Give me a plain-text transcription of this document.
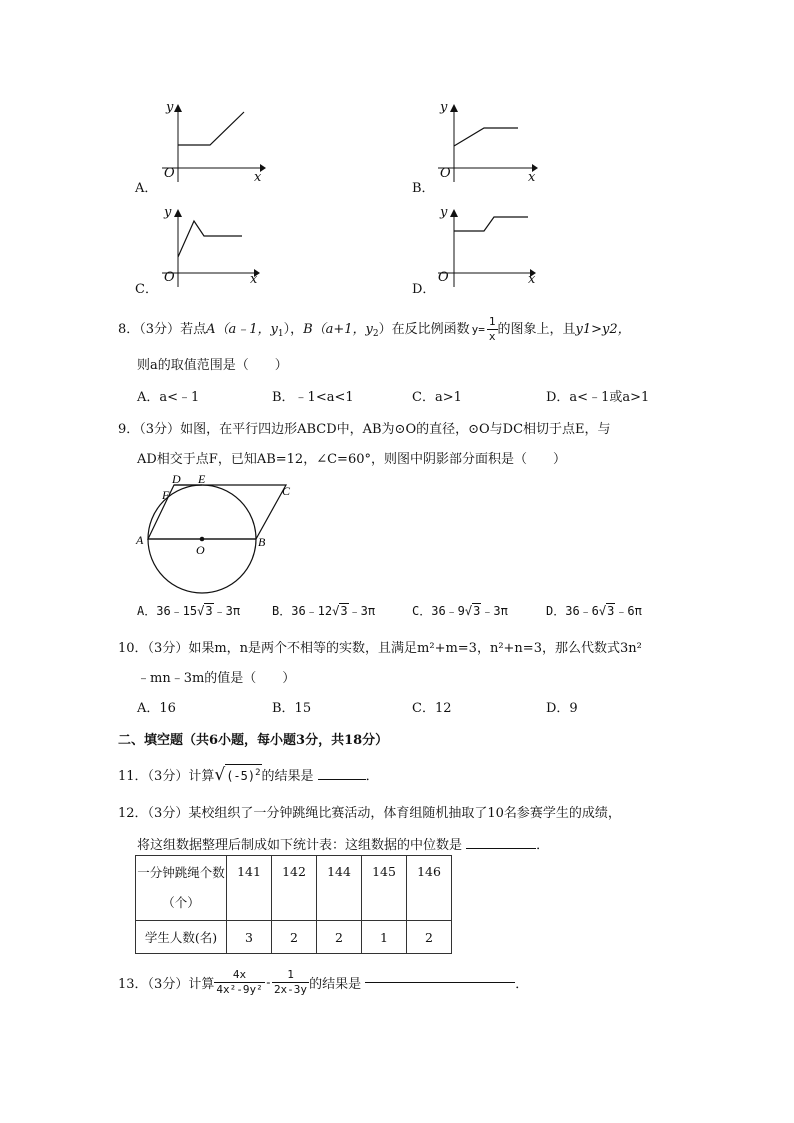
y
x
O
A．
y
x
O
B．
y
x
O
C．
y
x
O
D．
8．（3分）若点A（a﹣1，$y_1$），B（a+1，$y_2$）在反比例函数 $y= \frac{1}{x}$ 的图象上，且y1>y2，
则a的取值范围是（　　）
A．a<﹣1	B．﹣1<a<1	C．a>1	D．a<﹣1或a>1
9．（3分）如图，在平行四边形ABCD中，AB为⊙O的直径，⊙O与DC相切于点E，与
AD相交于点F，已知AB=12，∠C=60°，则图中阴影部分面积是（　　）
A	B
C
D E
F
O
A．36﹣15√3﹣3π	B．36﹣12√3﹣3π	C．36﹣9√3﹣3π	D．36﹣6√3﹣6π
10．（3分）如果m，n是两个不相等的实数，且满足m²+m=3，n²+n=3，那么代数式3n²
﹣mn﹣3m的值是（　　）
A．16	B．15	C．12	D．9
二、填空题（共6小题，每小题3分，共18分）
11．（3分）计算$√(-5)^2$的结果是	．
12．（3分）某校组织了一分钟跳绳比赛活动，体育组随机抽取了10名参赛学生的成绩，
将这组数据整理后制成如下统计表：这组数据的中位数是	．
一分钟跳绳个数（个）	141	142	144	145	146
学生人数(名)	3	2	2	1	2
13．（3分）计算 $\frac{4x}{\text{4x²-9y²}} - \frac{1}{2x-3y}$ 的结果是	．
